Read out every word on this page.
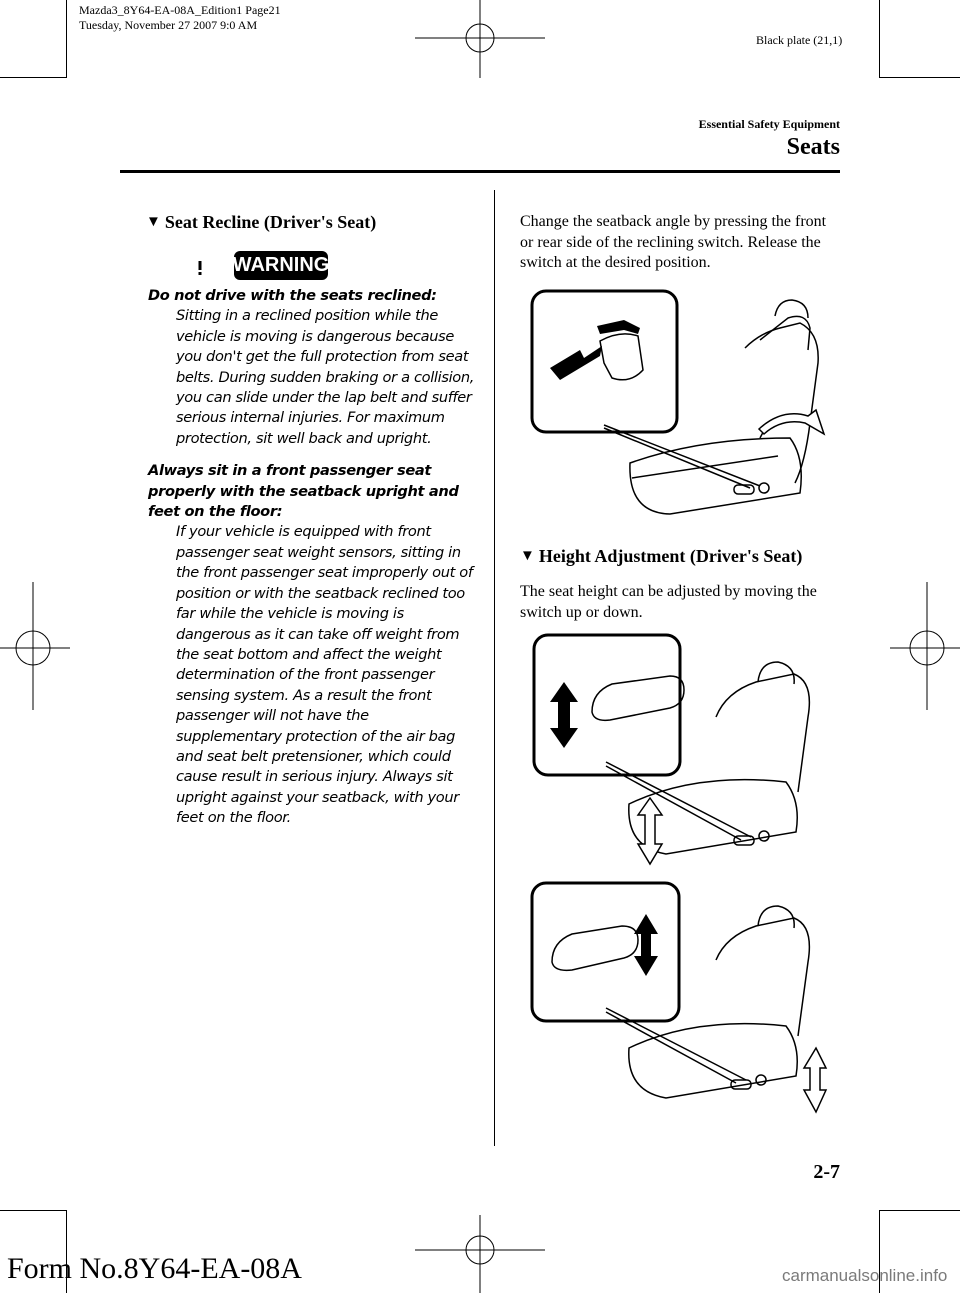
Mazda3_8Y64-EA-08A_Edition1 Page21
Tuesday, November 27 2007 9:0 AM
Black plate (21,1)
Essential Safety Equipment
Seats
▼ Seat Recline (Driver's Seat)
WARNING
Do not drive with the seats reclined:
Sitting in a reclined position while the vehicle is moving is dangerous because you don't get the full protection from seat belts. During sudden braking or a collision, you can slide under the lap belt and suffer serious internal injuries. For maximum protection, sit well back and upright.
Always sit in a front passenger seat properly with the seatback upright and feet on the floor:
If your vehicle is equipped with front passenger seat weight sensors, sitting in the front passenger seat improperly out of position or with the seatback reclined too far while the vehicle is moving is dangerous as it can take off weight from the seat bottom and affect the weight determination of the front passenger sensing system. As a result the front passenger will not have the supplementary protection of the air bag and seat belt pretensioner, which could cause result in serious injury. Always sit upright against your seatback, with your feet on the floor.
Change the seatback angle by pressing the front or rear side of the reclining switch. Release the switch at the desired position.
▼ Height Adjustment (Driver's Seat)
The seat height can be adjusted by moving the switch up or down.
2-7
Form No.8Y64-EA-08A	carmanualsonline.info
